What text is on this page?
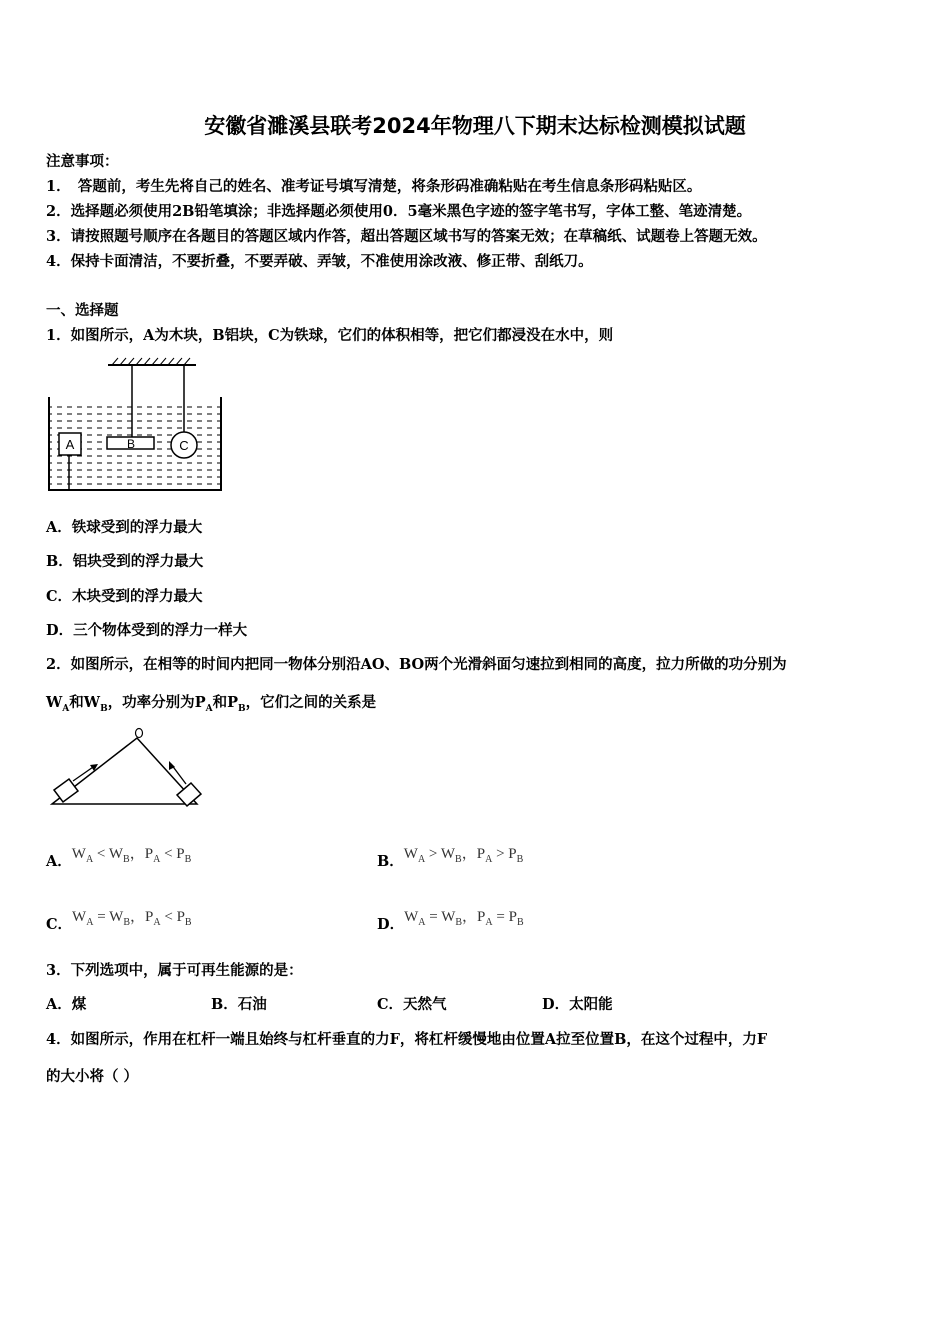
安徽省濉溪县联考2024年物理八下期末达标检测模拟试题
注意事项：
1．　答题前，考生先将自己的姓名、准考证号填写清楚，将条形码准确粘贴在考生信息条形码粘贴区。
2．选择题必须使用2B铅笔填涂；非选择题必须使用0．5毫米黑色字迹的签字笔书写，字体工整、笔迹清楚。
3．请按照题号顺序在各题目的答题区域内作答，超出答题区域书写的答案无效；在草稿纸、试题卷上答题无效。
4．保持卡面清洁，不要折叠，不要弄破、弄皱，不准使用涂改液、修正带、刮纸刀。
一、选择题
1．如图所示，A为木块，B铝块，C为铁球，它们的体积相等，把它们都浸没在水中，则
A	B	C
A．铁球受到的浮力最大
B．铝块受到的浮力最大
C．木块受到的浮力最大
D．三个物体受到的浮力一样大
2．如图所示，在相等的时间内把同一物体分别沿AO、BO两个光滑斜面匀速拉到相同的高度，拉力所做的功分别为
$W_A$和$W_B$，功率分别为$P_A$和$P_B$，它们之间的关系是
A．$W_A < W_B$，$P_A < P_B$	B．$W_A > W_B$，$P_A > P_B$
C．$W_A = W_B$，$P_A < P_B$	D．$W_A = W_B$，$P_A = P_B$
3．下列选项中，属于可再生能源的是：
A．煤	B．石油	C．天然气	D．太阳能
4．如图所示，作用在杠杆一端且始终与杠杆垂直的力F，将杠杆缓慢地由位置A拉至位置B，在这个过程中，力F
的大小将（ ）
